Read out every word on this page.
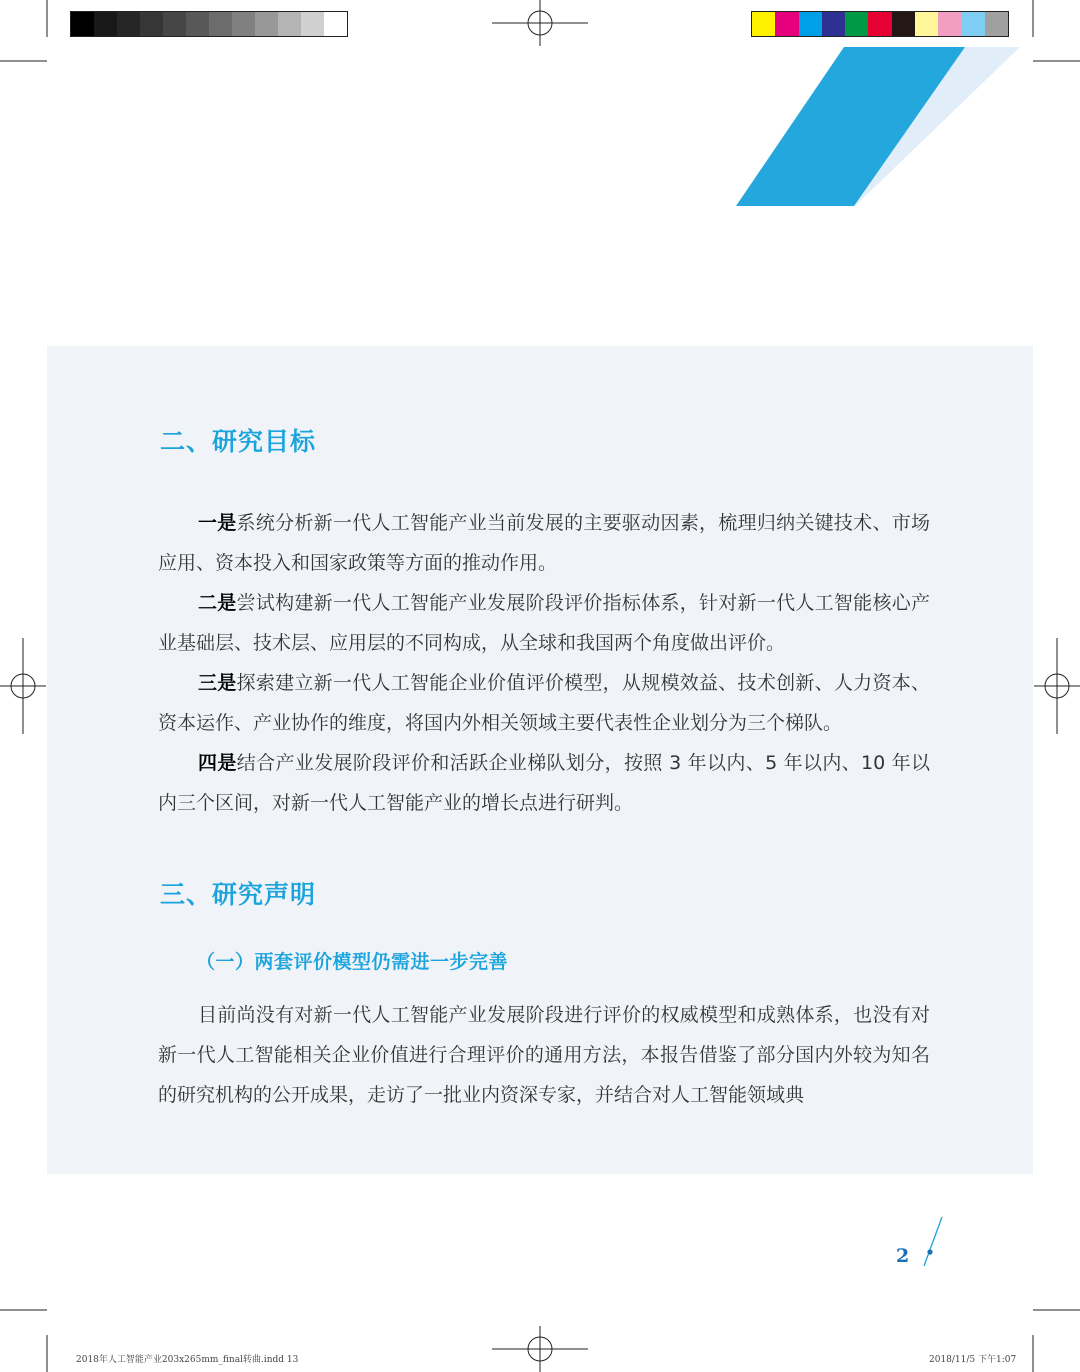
二、研究目标
一是系统分析新一代人工智能产业当前发展的主要驱动因素，梳理归纳关键技术、市场应用、资本投入和国家政策等方面的推动作用。
二是尝试构建新一代人工智能产业发展阶段评价指标体系，针对新一代人工智能核心产业基础层、技术层、应用层的不同构成，从全球和我国两个角度做出评价。
三是探索建立新一代人工智能企业价值评价模型，从规模效益、技术创新、人力资本、资本运作、产业协作的维度，将国内外相关领域主要代表性企业划分为三个梯队。
四是结合产业发展阶段评价和活跃企业梯队划分，按照 3 年以内、5 年以内、10 年以内三个区间，对新一代人工智能产业的增长点进行研判。
三、研究声明
（一）两套评价模型仍需进一步完善
目前尚没有对新一代人工智能产业发展阶段进行评价的权威模型和成熟体系，也没有对新一代人工智能相关企业价值进行合理评价的通用方法，本报告借鉴了部分国内外较为知名的研究机构的公开成果，走访了一批业内资深专家，并结合对人工智能领域典
2
2018年人工智能产业203x265mm_final转曲.indd 13	2018/11/5 下午1:07
